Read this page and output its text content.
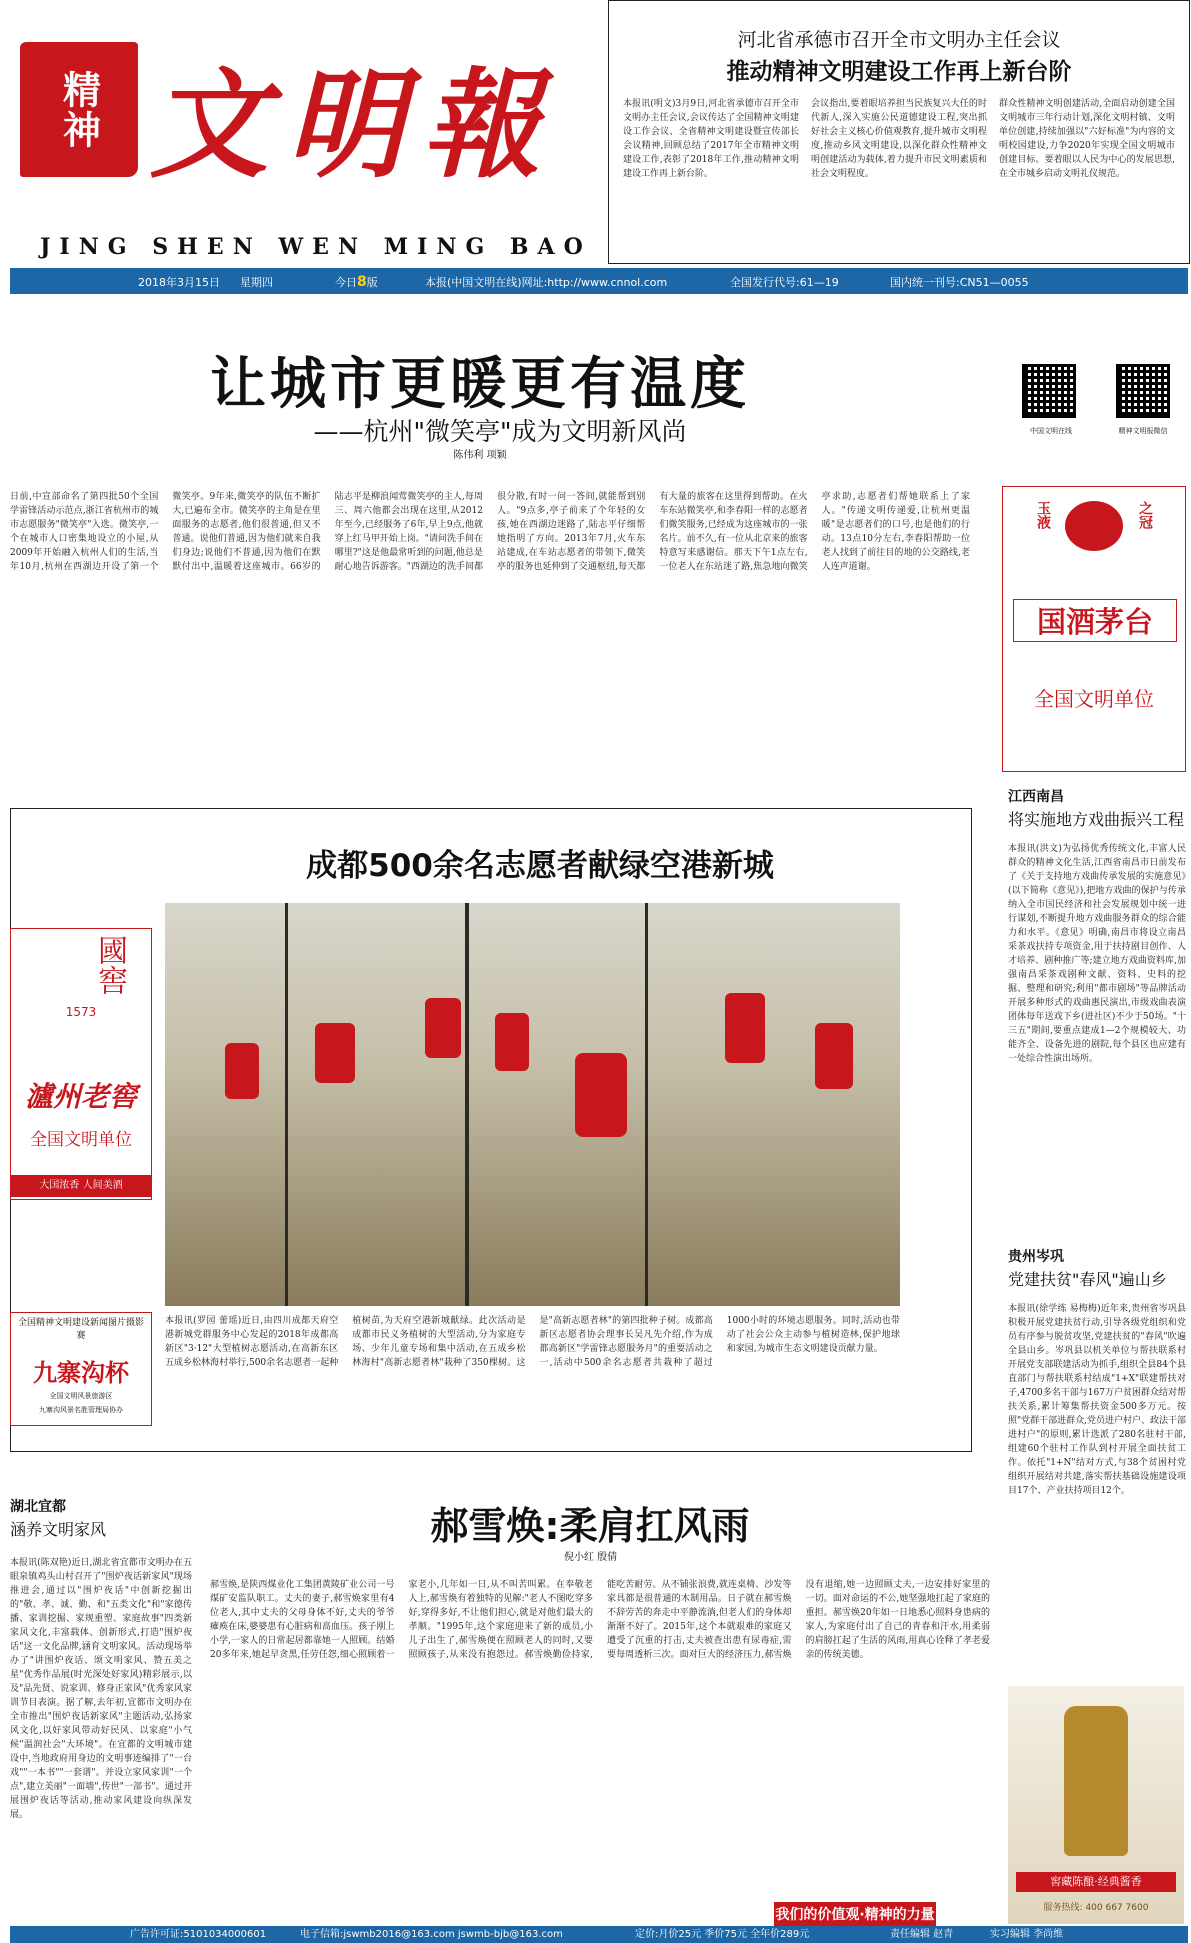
精神 文明報
JING SHEN WEN MING BAO
河北省承德市召开全市文明办主任会议
推动精神文明建设工作再上新台阶
本报讯(明文)3月9日,河北省承德市召开全市文明办主任会议,会议传达了全国精神文明建设工作会议、全省精神文明建设暨宣传部长会议精神,回顾总结了2017年全市精神文明建设工作,表彰了2018年工作,推动精神文明建设工作再上新台阶。
会议指出,要着眼培养担当民族复兴大任的时代新人,深入实施公民道德建设工程,突出抓好社会主义核心价值观教育,提升城市文明程度,推动乡风文明建设,以深化群众性精神文明创建活动为载体,着力提升市民文明素质和社会文明程度。
群众性精神文明创建活动,全面启动创建全国文明城市三年行动计划,深化文明村镇、文明单位创建,持续加强以"六好标准"为内容的文明校园建设,力争2020年实现全国文明城市创建目标。要着眼以人民为中心的发展思想,在全市城乡启动文明礼仪规范。
2018年3月15日 星期四	今日8版	本报(中国文明在线)网址:http://www.cnnol.com	全国发行代号:61—19	国内统一刊号:CN51—0055
让城市更暖更有温度
——杭州"微笑亭"成为文明新风尚
陈伟利 项颖
中国文明在线	精神文明报微信
日前,中宣部命名了第四批50个全国学雷锋活动示范点,浙江省杭州市的城市志愿服务"微笑亭"入选。微笑亭,一个在城市人口密集地设立的小屋,从2009年开始融入杭州人们的生活,当年10月,杭州在西湖边开设了第一个微笑亭。9年来,微笑亭的队伍不断扩大,已遍布全市。微笑亭的主角是在里面服务的志愿者,他们很普通,但又不普通。说他们普通,因为他们就来自我们身边;说他们不普通,因为他们在默默付出中,温暖着这座城市。66岁的陆志平是柳浪闻莺微笑亭的主人,每周三、周六他都会出现在这里,从2012年至今,已经服务了6年,早上9点,他就穿上红马甲开始上岗。"请问洗手间在哪里?"这是他最常听到的问题,他总是耐心地告诉游客。"西湖边的洗手间都很分散,有时一问一答间,就能帮到别人。"9点多,亭子前来了个年轻的女孩,她在西湖边迷路了,陆志平仔细帮她指明了方向。2013年7月,火车东站建成,在车站志愿者的带领下,微笑亭的服务也延伸到了交通枢纽,每天都有大量的旅客在这里得到帮助。在火车东站微笑亭,和李春阳一样的志愿者们微笑服务,已经成为这座城市的一张名片。前不久,有一位从北京来的旅客特意写来感谢信。那天下午1点左右,一位老人在东站迷了路,焦急地向微笑亭求助,志愿者们帮她联系上了家人。"传递文明传递爱,让杭州更温暖"是志愿者们的口号,也是他们的行动。13点10分左右,李春阳帮助一位老人找到了前往目的地的公交路线,老人连声道谢。
玉液	之冠
国酒茅台
全国文明单位
成都500余名志愿者献绿空港新城
本报讯(罗园 蕾瑶)近日,由四川成都天府空港新城党群服务中心发起的2018年成都高新区"3·12"大型植树志愿活动,在高新东区五成乡松林海村举行,500余名志愿者一起种植树苗,为天府空港新城献绿。此次活动是成都市民义务植树的大型活动,分为家庭专场、少年儿童专场和集中活动,在五成乡松林海村"高新志愿者林"栽种了350棵树。这是"高新志愿者林"的第四批种子树。成都高新区志愿者协会理事长吴凡先介绍,作为成都高新区"学雷锋志愿服务月"的重要活动之一,活动中500余名志愿者共栽种了超过1000小时的环境志愿服务。同时,活动也带动了社会公众主动参与植树造林,保护地球和家园,为城市生态文明建设贡献力量。
國窖
1573
瀘州老窖
全国文明单位
大国浓香 人间美酒
全国精神文明建设新闻图片摄影赛
九寨沟杯
全国文明风景旅游区
九寨沟风景名胜管理局协办
江西南昌
将实施地方戏曲振兴工程
本报讯(洪文)为弘扬优秀传统文化,丰富人民群众的精神文化生活,江西省南昌市日前发布了《关于支持地方戏曲传承发展的实施意见》(以下简称《意见》),把地方戏曲的保护与传承纳入全市国民经济和社会发展规划中统一进行谋划,不断提升地方戏曲服务群众的综合能力和水平。《意见》明确,南昌市将设立南昌采茶戏扶持专项资金,用于扶持剧目创作、人才培养、剧种推广等;建立地方戏曲资料库,加强南昌采茶戏剧种文献、资料、史料的挖掘、整理和研究;利用"都市剧场"等品牌活动开展多种形式的戏曲惠民演出,市级戏曲表演团体每年送戏下乡(进社区)不少于50场。"十三五"期间,要重点建成1—2个规模较大、功能齐全、设备先进的剧院,每个县区也应建有一处综合性演出场所。
贵州岑巩
党建扶贫"春风"遍山乡
本报讯(徐学练 易梅梅)近年来,贵州省岑巩县积极开展党建扶贫行动,引导各级党组织和党员有序参与脱贫攻坚,党建扶贫的"春风"吹遍全县山乡。岑巩县以机关单位与帮扶联系村开展党支部联建活动为抓手,组织全县84个县直部门与帮扶联系村结成"1+X"联建帮扶对子,4700多名干部与167万户贫困群众结对帮扶关系,累计筹集帮扶资金500多万元。按照"党群干部进群众,党员进户村户、政法干部进村户"的原则,累计选派了280名驻村干部,组建60个驻村工作队到村开展全面扶贫工作。依托"1+N"结对方式,与38个贫困村党组织开展结对共建,落实帮扶基础设施建设项目17个、产业扶持项目12个。
窖藏陈酿·经典酱香
服务热线: 400 667 7600
湖北宜都
涵养文明家风
本报讯(陈双艳)近日,湖北省宜都市文明办在五眼泉镇鸡头山村召开了"围炉夜话新家风"现场推进会,通过以"围炉夜话"中创新挖掘出的"敬、孝、诚、勤、和"五类文化"和"家德传播、家训挖掘、家规重塑、家庭故事"四类新家风文化,丰富载体、创新形式,打造"围炉夜话"这一文化品牌,涵育文明家风。活动现场举办了"讲围炉夜话、颂文明家风、赞五美之星"优秀作品展(时光深处好家风)精彩展示,以及"品先贤、说家训、修身正家风"优秀家风家训节目表演。据了解,去年初,宜都市文明办在全市推出"围炉夜话新家风"主题活动,弘扬家风文化,以好家风带动好民风、以家庭"小气候"温润社会"大环境"。在宜都的文明城市建设中,当地政府用身边的文明事迹编排了"一台戏""一本书""一套谱"。并设立家风家训"一个点",建立美丽"一面墙",传世"一部书"。通过开展围炉夜话等活动,推动家风建设向纵深发展。
郝雪焕:柔肩扛风雨
倪小红 殷倩
郝雪焕,是陕西煤业化工集团黄陵矿业公司一号煤矿安监队职工。丈夫的妻子,郝雪焕家里有4位老人,其中丈夫的父母身体不好,丈夫的爷爷瘫痪在床,婆婆患有心脏病和高血压。孩子刚上小学,一家人的日常起居都靠她一人照顾。结婚20多年来,她起早贪黑,任劳任怨,细心照顾着一家老小,几年如一日,从不叫苦叫累。在奉敬老人上,郝雪焕有着独特的见解:"老人不图吃穿多好,穿得多好,不让他们担心,就是对他们最大的孝顺。"1995年,这个家庭迎来了新的成员,小儿子出生了,郝雪焕便在照顾老人的同时,又要照顾孩子,从来没有抱怨过。郝雪焕勤俭持家,能吃苦耐劳。从不铺张浪费,就连桌椅、沙发等家具都是很普通的木制用品。日子就在郝雪焕不辞劳苦的奔走中平静流淌,但老人们的身体却渐渐不好了。2015年,这个本就艰难的家庭又遭受了沉重的打击,丈夫被查出患有尿毒症,需要每周透析三次。面对巨大的经济压力,郝雪焕没有退缩,她一边照顾丈夫,一边安排好家里的一切。面对命运的不公,她坚强地扛起了家庭的重担。郝雪焕20年如一日地悉心照料身患病的家人,为家庭付出了自己的青春和汗水,用柔弱的肩膀扛起了生活的风雨,用真心诠释了孝老爱亲的传统美德。
我们的价值观·精神的力量
广告许可证:5101034000601	电子信箱:jswmb2016@163.com jswmb-bjb@163.com	定价:月价25元 季价75元 全年价289元	责任编辑 赵青	实习编辑 李尚维
